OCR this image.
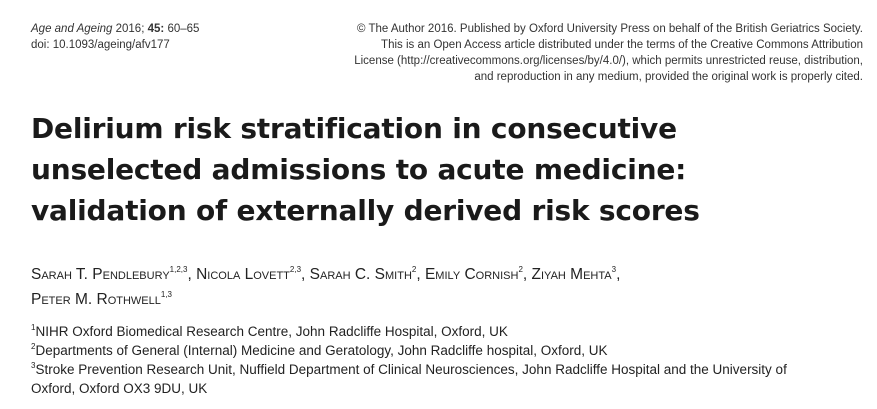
Age and Ageing 2016; 45: 60–65
doi: 10.1093/ageing/afv177
© The Author 2016. Published by Oxford University Press on behalf of the British Geriatrics Society.
This is an Open Access article distributed under the terms of the Creative Commons Attribution
License (http://creativecommons.org/licenses/by/4.0/), which permits unrestricted reuse, distribution,
and reproduction in any medium, provided the original work is properly cited.
Delirium risk stratification in consecutive
unselected admissions to acute medicine:
validation of externally derived risk scores
Sarah T. Pendlebury$^{1,2,3}$, Nicola Lovett$^{2,3}$, Sarah C. Smith$^2$, Emily Cornish$^2$, Ziyah Mehta$^3$,
Peter M. Rothwell$^{1,3}$
$^1$NIHR Oxford Biomedical Research Centre, John Radcliffe Hospital, Oxford, UK
$^2$Departments of General (Internal) Medicine and Geratology, John Radcliffe hospital, Oxford, UK
$^3$Stroke Prevention Research Unit, Nuffield Department of Clinical Neurosciences, John Radcliffe Hospital and the University of
Oxford, Oxford OX3 9DU, UK
